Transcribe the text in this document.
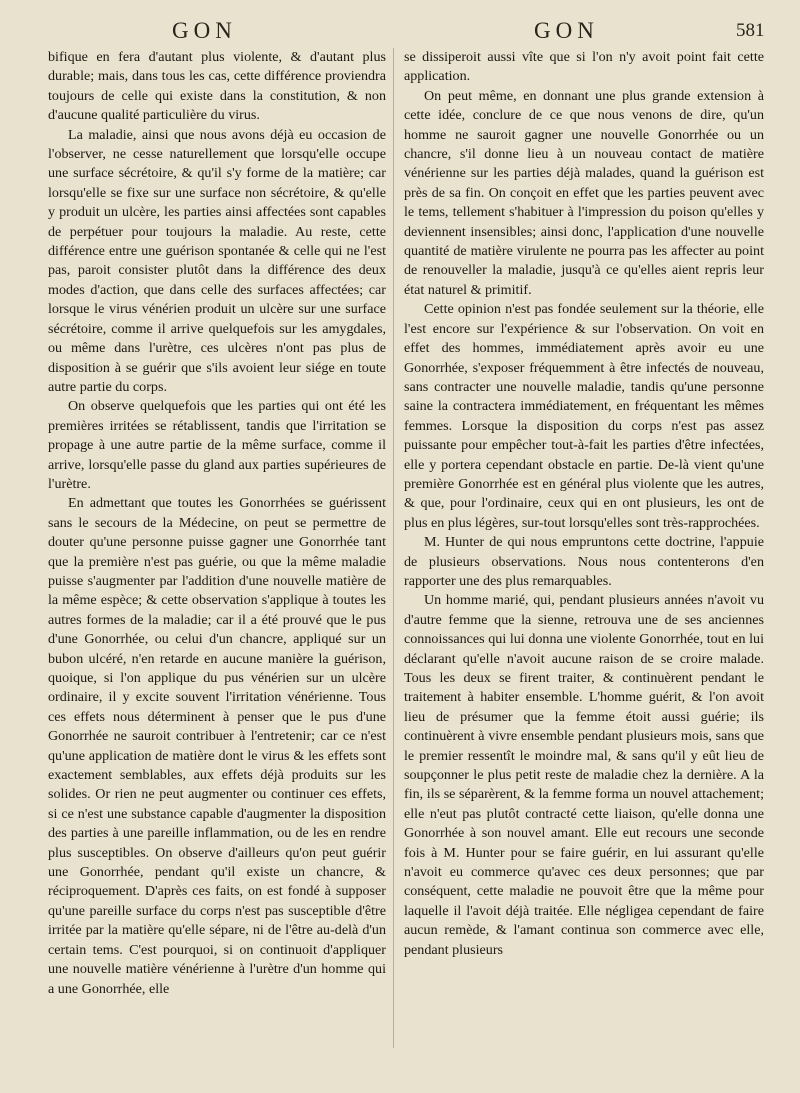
GON	GON	581

bifique en fera d'autant plus violente, & d'autant plus durable; mais, dans tous les cas, cette différence proviendra toujours de celle qui existe dans la constitution, & non d'aucune qualité particulière du virus.

La maladie, ainsi que nous avons déjà eu occasion de l'observer, ne cesse naturellement que lorsqu'elle occupe une surface sécrétoire, & qu'il s'y forme de la matière; car lorsqu'elle se fixe sur une surface non sécrétoire, & qu'elle y produit un ulcère, les parties ainsi affectées sont capables de perpétuer pour toujours la maladie. Au reste, cette différence entre une guérison spontanée & celle qui ne l'est pas, paroit consister plutôt dans la différence des deux modes d'action, que dans celle des surfaces affectées; car lorsque le virus vénérien produit un ulcère sur une surface sécrétoire, comme il arrive quelquefois sur les amygdales, ou même dans l'urètre, ces ulcères n'ont pas plus de disposition à se guérir que s'ils avoient leur siége en toute autre partie du corps.

On observe quelquefois que les parties qui ont été les premières irritées se rétablissent, tandis que l'irritation se propage à une autre partie de la même surface, comme il arrive, lorsqu'elle passe du gland aux parties supérieures de l'urètre.

En admettant que toutes les Gonorrhées se guérissent sans le secours de la Médecine, on peut se permettre de douter qu'une personne puisse gagner une Gonorrhée tant que la première n'est pas guérie, ou que la même maladie puisse s'augmenter par l'addition d'une nouvelle matière de la même espèce; & cette observation s'applique à toutes les autres formes de la maladie; car il a été prouvé que le pus d'une Gonorrhée, ou celui d'un chancre, appliqué sur un bubon ulcéré, n'en retarde en aucune manière la guérison, quoique, si l'on applique du pus vénérien sur un ulcère ordinaire, il y excite souvent l'irritation vénérienne. Tous ces effets nous déterminent à penser que le pus d'une Gonorrhée ne sauroit contribuer à l'entretenir; car ce n'est qu'une application de matière dont le virus & les effets sont exactement semblables, aux effets déjà produits sur les solides. Or rien ne peut augmenter ou continuer ces effets, si ce n'est une substance capable d'augmenter la disposition des parties à une pareille inflammation, ou de les en rendre plus susceptibles. On observe d'ailleurs qu'on peut guérir une Gonorrhée, pendant qu'il existe un chancre, & réciproquement. D'après ces faits, on est fondé à supposer qu'une pareille surface du corps n'est pas susceptible d'être irritée par la matière qu'elle sépare, ni de l'être au-delà d'un certain tems. C'est pourquoi, si on continuoit d'appliquer une nouvelle matière vénérienne à l'urètre d'un homme qui a une Gonorrhée, elle

se dissiperoit aussi vîte que si l'on n'y avoit point fait cette application.

On peut même, en donnant une plus grande extension à cette idée, conclure de ce que nous venons de dire, qu'un homme ne sauroit gagner une nouvelle Gonorrhée ou un chancre, s'il donne lieu à un nouveau contact de matière vénérienne sur les parties déjà malades, quand la guérison est près de sa fin. On conçoit en effet que les parties peuvent avec le tems, tellement s'habituer à l'impression du poison qu'elles y deviennent insensibles; ainsi donc, l'application d'une nouvelle quantité de matière virulente ne pourra pas les affecter au point de renouveller la maladie, jusqu'à ce qu'elles aient repris leur état naturel & primitif.

Cette opinion n'est pas fondée seulement sur la théorie, elle l'est encore sur l'expérience & sur l'observation. On voit en effet des hommes, immédiatement après avoir eu une Gonorrhée, s'exposer fréquemment à être infectés de nouveau, sans contracter une nouvelle maladie, tandis qu'une personne saine la contractera immédiatement, en fréquentant les mêmes femmes. Lorsque la disposition du corps n'est pas assez puissante pour empêcher tout-à-fait les parties d'être infectées, elle y portera cependant obstacle en partie. De-là vient qu'une première Gonorrhée est en général plus violente que les autres, & que, pour l'ordinaire, ceux qui en ont plusieurs, les ont de plus en plus légères, sur-tout lorsqu'elles sont très-rapprochées.

M. Hunter de qui nous empruntons cette doctrine, l'appuie de plusieurs observations. Nous nous contenterons d'en rapporter une des plus remarquables.

Un homme marié, qui, pendant plusieurs années n'avoit vu d'autre femme que la sienne, retrouva une de ses anciennes connoissances qui lui donna une violente Gonorrhée, tout en lui déclarant qu'elle n'avoit aucune raison de se croire malade. Tous les deux se firent traiter, & continuèrent pendant le traitement à habiter ensemble. L'homme guérit, & l'on avoit lieu de présumer que la femme étoit aussi guérie; ils continuèrent à vivre ensemble pendant plusieurs mois, sans que le premier ressentît le moindre mal, & sans qu'il y eût lieu de soupçonner le plus petit reste de maladie chez la dernière. A la fin, ils se séparèrent, & la femme forma un nouvel attachement; elle n'eut pas plutôt contracté cette liaison, qu'elle donna une Gonorrhée à son nouvel amant. Elle eut recours une seconde fois à M. Hunter pour se faire guérir, en lui assurant qu'elle n'avoit eu commerce qu'avec ces deux personnes; que par conséquent, cette maladie ne pouvoit être que la même pour laquelle il l'avoit déjà traitée. Elle négligea cependant de faire aucun remède, & l'amant continua son commerce avec elle, pendant plusieurs
